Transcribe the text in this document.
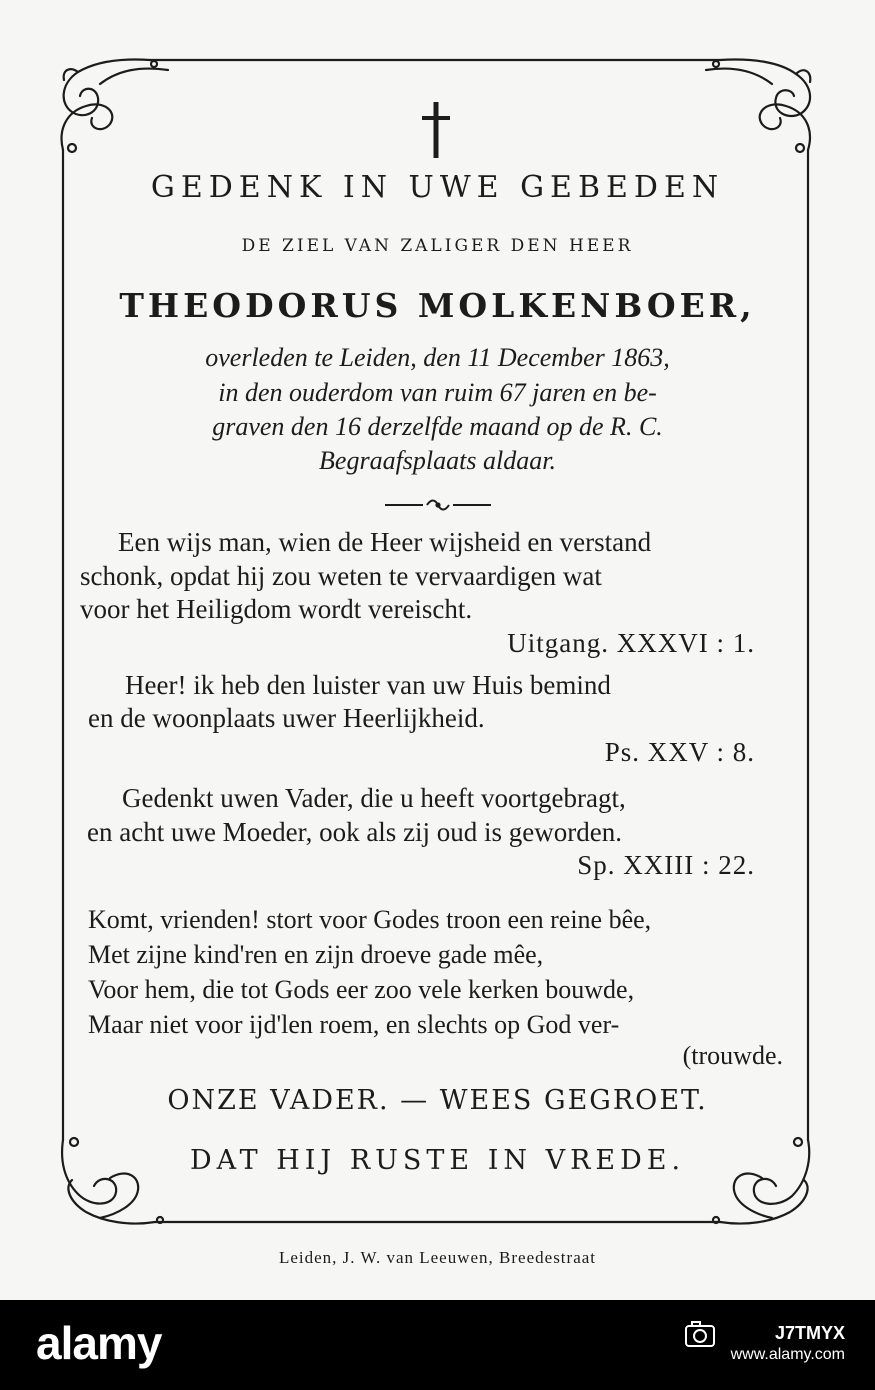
GEDENK IN UWE GEBEDEN
DE ZIEL VAN ZALIGER DEN HEER
THEODORUS MOLKENBOER,
overleden te Leiden, den 11 December 1863,
in den ouderdom van ruim 67 jaren en be-
graven den 16 derzelfde maand op de R. C.
Begraafsplaats aldaar.
Een wijs man, wien de Heer wijsheid en verstand
schonk, opdat hij zou weten te vervaardigen wat
voor het Heiligdom wordt vereischt.
Uitgang. XXXVI : 1.
Heer! ik heb den luister van uw Huis bemind
en de woonplaats uwer Heerlijkheid.
Ps. XXV : 8.
Gedenkt uwen Vader, die u heeft voortgebragt,
en acht uwe Moeder, ook als zij oud is geworden.
Sp. XXIII : 22.
Komt, vrienden! stort voor Godes troon een reine bêe,
Met zijne kind'ren en zijn droeve gade mêe,
Voor hem, die tot Gods eer zoo vele kerken bouwde,
Maar niet voor ijd'len roem, en slechts op God ver-
(trouwde.
ONZE VADER. — WEES GEGROET.
DAT HIJ RUSTE IN VREDE.
Leiden, J. W. van Leeuwen, Breedestraat
alamy	J7TMYX
www.alamy.com
